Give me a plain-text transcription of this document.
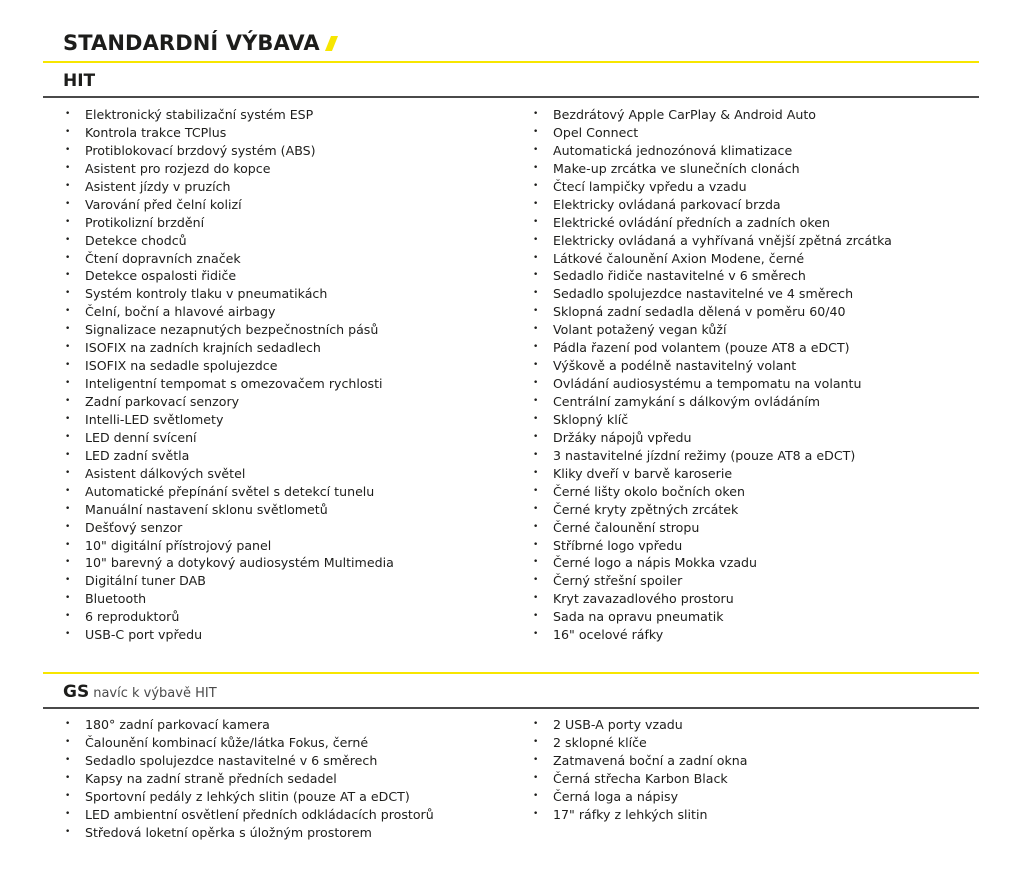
STANDARDNÍ VÝBAVA
HIT
• Elektronický stabilizační systém ESP
• Kontrola trakce TCPlus
• Protiblokovací brzdový systém (ABS)
• Asistent pro rozjezd do kopce
• Asistent jízdy v pruzích
• Varování před čelní kolizí
• Protikolizní brzdění
• Detekce chodců
• Čtení dopravních značek
• Detekce ospalosti řidiče
• Systém kontroly tlaku v pneumatikách
• Čelní, boční a hlavové airbagy
• Signalizace nezapnutých bezpečnostních pásů
• ISOFIX na zadních krajních sedadlech
• ISOFIX na sedadle spolujezdce
• Inteligentní tempomat s omezovačem rychlosti
• Zadní parkovací senzory
• Intelli-LED světlomety
• LED denní svícení
• LED zadní světla
• Asistent dálkových světel
• Automatické přepínání světel s detekcí tunelu
• Manuální nastavení sklonu světlometů
• Dešťový senzor
• 10" digitální přístrojový panel
• 10" barevný a dotykový audiosystém Multimedia
• Digitální tuner DAB
• Bluetooth
• 6 reproduktorů
• USB-C port vpředu
• Bezdrátový Apple CarPlay & Android Auto
• Opel Connect
• Automatická jednozónová klimatizace
• Make-up zrcátka ve slunečních clonách
• Čtecí lampičky vpředu a vzadu
• Elektricky ovládaná parkovací brzda
• Elektrické ovládání předních a zadních oken
• Elektricky ovládaná a vyhřívaná vnější zpětná zrcátka
• Látkové čalounění Axion Modene, černé
• Sedadlo řidiče nastavitelné v 6 směrech
• Sedadlo spolujezdce nastavitelné ve 4 směrech
• Sklopná zadní sedadla dělená v poměru 60/40
• Volant potažený vegan kůží
• Pádla řazení pod volantem (pouze AT8 a eDCT)
• Výškově a podélně nastavitelný volant
• Ovládání audiosystému a tempomatu na volantu
• Centrální zamykání s dálkovým ovládáním
• Sklopný klíč
• Držáky nápojů vpředu
• 3 nastavitelné jízdní režimy (pouze AT8 a eDCT)
• Kliky dveří v barvě karoserie
• Černé lišty okolo bočních oken
• Černé kryty zpětných zrcátek
• Černé čalounění stropu
• Stříbrné logo vpředu
• Černé logo a nápis Mokka vzadu
• Černý střešní spoiler
• Kryt zavazadlového prostoru
• Sada na opravu pneumatik
• 16" ocelové ráfky
GS navíc k výbavě HIT
• 180° zadní parkovací kamera
• Čalounění kombinací kůže/látka Fokus, černé
• Sedadlo spolujezdce nastavitelné v 6 směrech
• Kapsy na zadní straně předních sedadel
• Sportovní pedály z lehkých slitin (pouze AT a eDCT)
• LED ambientní osvětlení předních odkládacích prostorů
• Středová loketní opěrka s úložným prostorem
• 2 USB-A porty vzadu
• 2 sklopné klíče
• Zatmavená boční a zadní okna
• Černá střecha Karbon Black
• Černá loga a nápisy
• 17" ráfky z lehkých slitin
